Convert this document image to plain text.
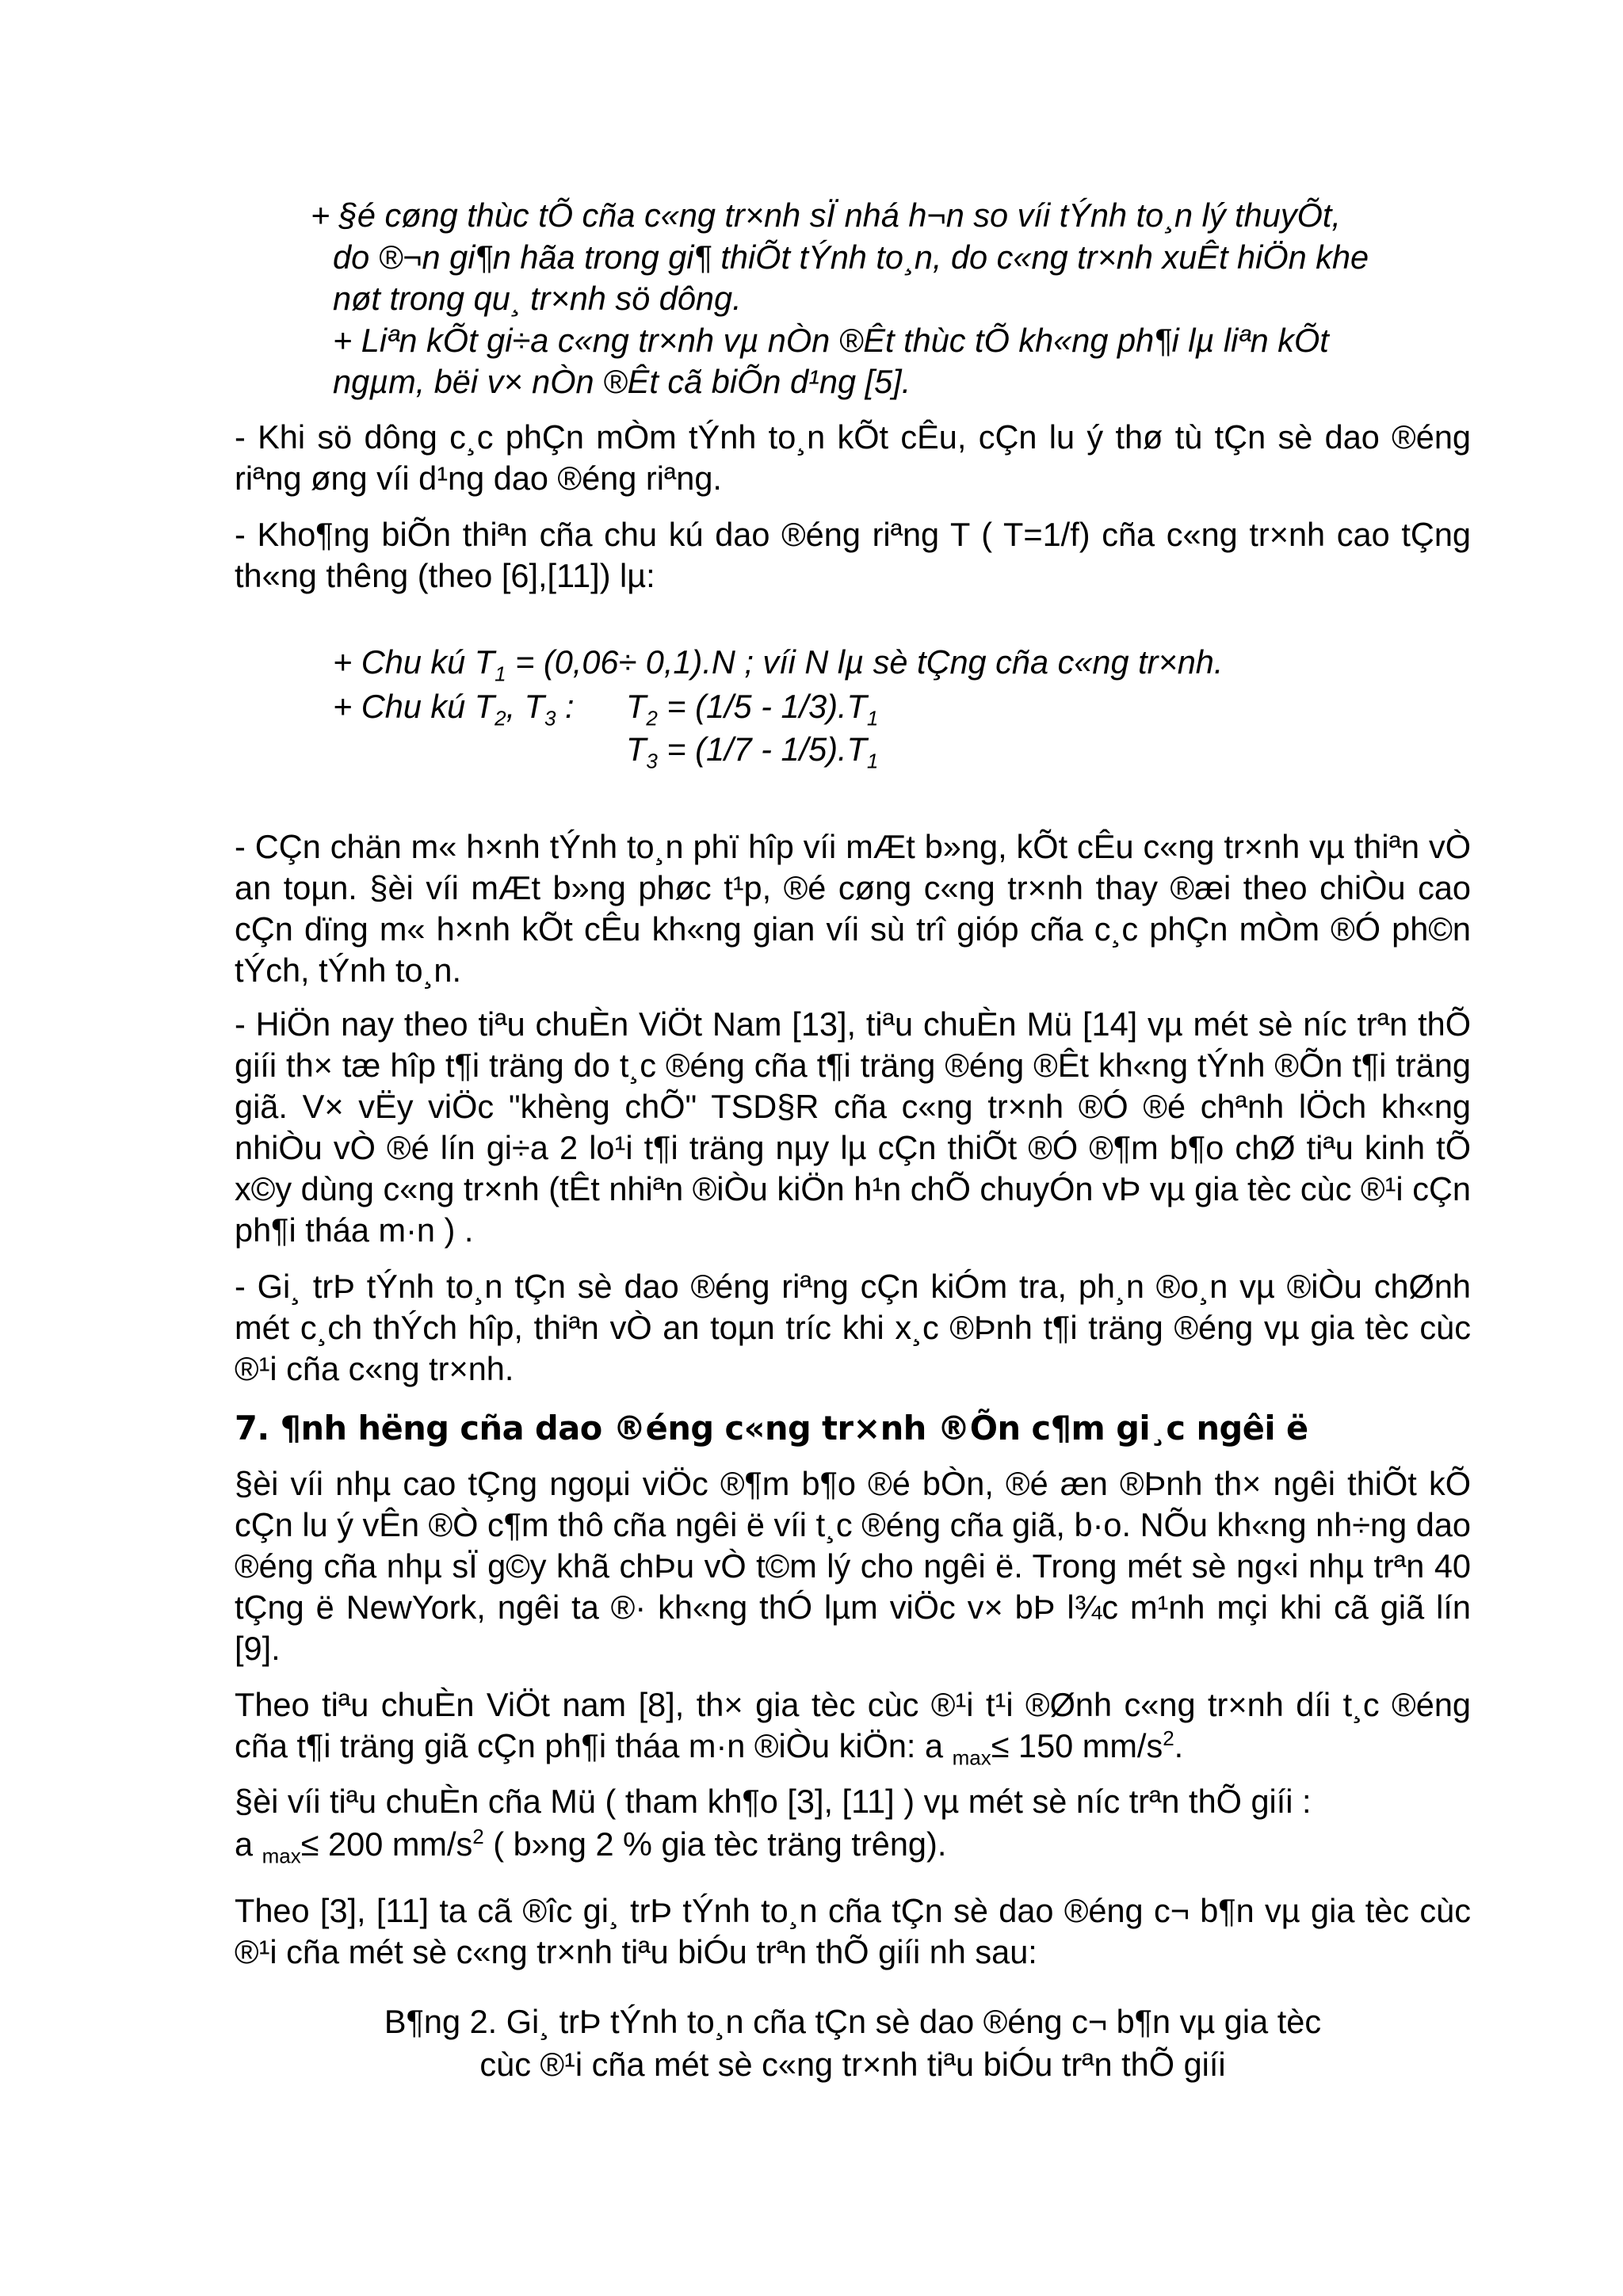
+ §é cøng thùc tÕ cña c«ng tr×nh sÏ nhá h¬n so víi tÝnh to¸n lý thuyÕt,
do ®¬n gi¶n hãa trong gi¶ thiÕt tÝnh to¸n, do c«ng tr×nh xuÊt hiÖn khe
nøt trong qu¸ tr×nh sö dông.
+ Liªn kÕt gi÷a c«ng tr×nh vµ nÒn ®Êt thùc tÕ kh«ng ph¶i lµ liªn kÕt
ngµm, bëi v× nÒn ®Êt cã biÕn d¹ng [5].

- Khi sö dông c¸c phÇn mÒm tÝnh to¸n kÕt cÊu, cÇn lu ý thø tù tÇn sè dao ®éng riªng øng víi d¹ng dao ®éng riªng.

- Kho¶ng biÕn thiªn cña chu kú dao ®éng riªng T ( T=1/f) cña c«ng tr×nh cao tÇng th«ng thêng (theo [6],[11]) lµ:

+ Chu kú $T_1 = (0,06\div 0,1).N$ ; víi N lµ sè tÇng cña c«ng tr×nh.
+ Chu kú $T_2$, $T_3$ :	$T_2 = (1/5 - 1/3).T_1$
$T_3 = (1/7 - 1/5).T_1$

- CÇn chän m« h×nh tÝnh to¸n phï hîp víi mÆt b»ng, kÕt cÊu c«ng tr×nh vµ thiªn vÒ an toµn. §èi víi mÆt b»ng phøc t¹p, ®é cøng c«ng tr×nh thay ®æi theo chiÒu cao cÇn dïng m« h×nh kÕt cÊu kh«ng gian víi sù trî gióp cña c¸c phÇn mÒm ®Ó ph©n tÝch, tÝnh to¸n.

- HiÖn nay theo tiªu chuÈn ViÖt Nam [13], tiªu chuÈn Mü [14] vµ mét sè níc trªn thÕ giíi th× tæ hîp t¶i träng do t¸c ®éng cña t¶i träng ®éng ®Êt kh«ng tÝnh ®Õn t¶i träng giã. V× vËy viÖc "khèng chÕ" TSD§R cña c«ng tr×nh ®Ó ®é chªnh lÖch kh«ng nhiÒu vÒ ®é lín gi÷a 2 lo¹i t¶i träng nµy lµ cÇn thiÕt ®Ó ®¶m b¶o chØ tiªu kinh tÕ x©y dùng c«ng tr×nh (tÊt nhiªn ®iÒu kiÖn h¹n chÕ chuyÓn vÞ vµ gia tèc cùc ®¹i cÇn ph¶i tháa m·n ) .

- Gi¸ trÞ tÝnh to¸n tÇn sè dao ®éng riªng cÇn kiÓm tra, ph¸n ®o¸n vµ ®iÒu chØnh mét c¸ch thÝch hîp, thiªn vÒ an toµn tríc khi x¸c ®Þnh t¶i träng ®éng vµ gia tèc cùc ®¹i cña c«ng tr×nh.

7. ¶nh hëng cña dao ®éng c«ng tr×nh ®Õn c¶m gi¸c ngêi ë

§èi víi nhµ cao tÇng ngoµi viÖc ®¶m b¶o ®é bÒn, ®é æn ®Þnh th× ngêi thiÕt kÕ cÇn lu ý vÊn ®Ò c¶m thô cña ngêi ë víi t¸c ®éng cña giã, b·o. NÕu kh«ng nh÷ng dao ®éng cña nhµ sÏ g©y khã chÞu vÒ t©m lý cho ngêi ë. Trong mét sè ng«i nhµ trªn 40 tÇng ë NewYork, ngêi ta ®· kh«ng thÓ lµm viÖc v× bÞ l¾c m¹nh mçi khi cã giã lín [9].

Theo tiªu chuÈn ViÖt nam [8], th× gia tèc cùc ®¹i t¹i ®Ønh c«ng tr×nh díi t¸c ®éng cña t¶i träng giã cÇn ph¶i tháa m·n ®iÒu kiÖn: a $_{max}$≤ 150 $mm/s^2$.

§èi víi tiªu chuÈn cña Mü ( tham kh¶o [3], [11] ) vµ mét sè níc trªn thÕ giíi :
a $_{max}$≤ 200 $mm/s^2$ ( b»ng 2 % gia tèc träng trêng).

Theo [3], [11] ta cã ®îc gi¸ trÞ tÝnh to¸n cña tÇn sè dao ®éng c¬ b¶n vµ gia tèc cùc ®¹i cña mét sè c«ng tr×nh tiªu biÓu trªn thÕ giíi nh sau:

B¶ng 2. Gi¸ trÞ tÝnh to¸n cña tÇn sè dao ®éng c¬ b¶n vµ gia tèc
cùc ®¹i cña mét sè c«ng tr×nh tiªu biÓu trªn thÕ giíi
